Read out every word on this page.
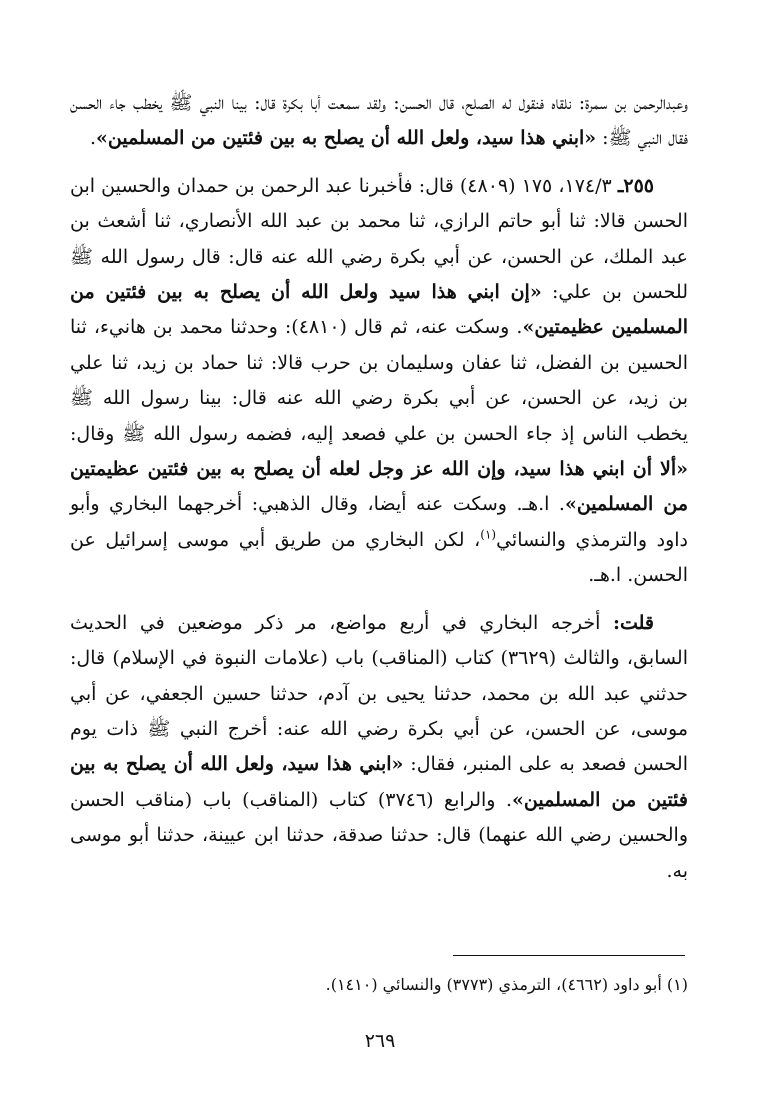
وعبدالرحمن بن سمرة: نلقاه فنقول له الصلح، قال الحسن: ولقد سمعت أبا بكرة قال: بينا النبي ﷺ يخطب جاء الحسن فقال النبي ﷺ: «ابني هذا سيد، ولعل الله أن يصلح به بين فئتين من المسلمين».

٢٥٥ـ ١٧٤/٣، ١٧٥ (٤٨٠٩) قال: فأخبرنا عبد الرحمن بن حمدان والحسين ابن الحسن قالا: ثنا أبو حاتم الرازي، ثنا محمد بن عبد الله الأنصاري، ثنا أشعث بن عبد الملك، عن الحسن، عن أبي بكرة رضي الله عنه قال: قال رسول الله ﷺ للحسن بن علي: «إن ابني هذا سيد ولعل الله أن يصلح به بين فئتين من المسلمين عظيمتين». وسكت عنه، ثم قال (٤٨١٠): وحدثنا محمد بن هانيء، ثنا الحسين بن الفضل، ثنا عفان وسليمان بن حرب قالا: ثنا حماد بن زيد، ثنا علي بن زيد، عن الحسن، عن أبي بكرة رضي الله عنه قال: بينا رسول الله ﷺ يخطب الناس إذ جاء الحسن بن علي فصعد إليه، فضمه رسول الله ﷺ وقال: «ألا أن ابني هذا سيد، وإن الله عز وجل لعله أن يصلح به بين فئتين عظيمتين من المسلمين». ا.هـ. وسكت عنه أيضا، وقال الذهبي: أخرجهما البخاري وأبو داود والترمذي والنسائي$^{(١)}$، لكن البخاري من طريق أبي موسى إسرائيل عن الحسن. ا.هـ.

قلت: أخرجه البخاري في أربع مواضع، مر ذكر موضعين في الحديث السابق، والثالث (٣٦٢٩) كتاب (المناقب) باب (علامات النبوة في الإسلام) قال: حدثني عبد الله بن محمد، حدثنا يحيى بن آدم، حدثنا حسين الجعفي، عن أبي موسى، عن الحسن، عن أبي بكرة رضي الله عنه: أخرج النبي ﷺ ذات يوم الحسن فصعد به على المنبر، فقال: «ابني هذا سيد، ولعل الله أن يصلح به بين فئتين من المسلمين». والرابع (٣٧٤٦) كتاب (المناقب) باب (مناقب الحسن والحسين رضي الله عنهما) قال: حدثنا صدقة، حدثنا ابن عيينة، حدثنا أبو موسى به.

(١) أبو داود (٤٦٦٢)، الترمذي (٣٧٧٣) والنسائي (١٤١٠).
٢٦٩
